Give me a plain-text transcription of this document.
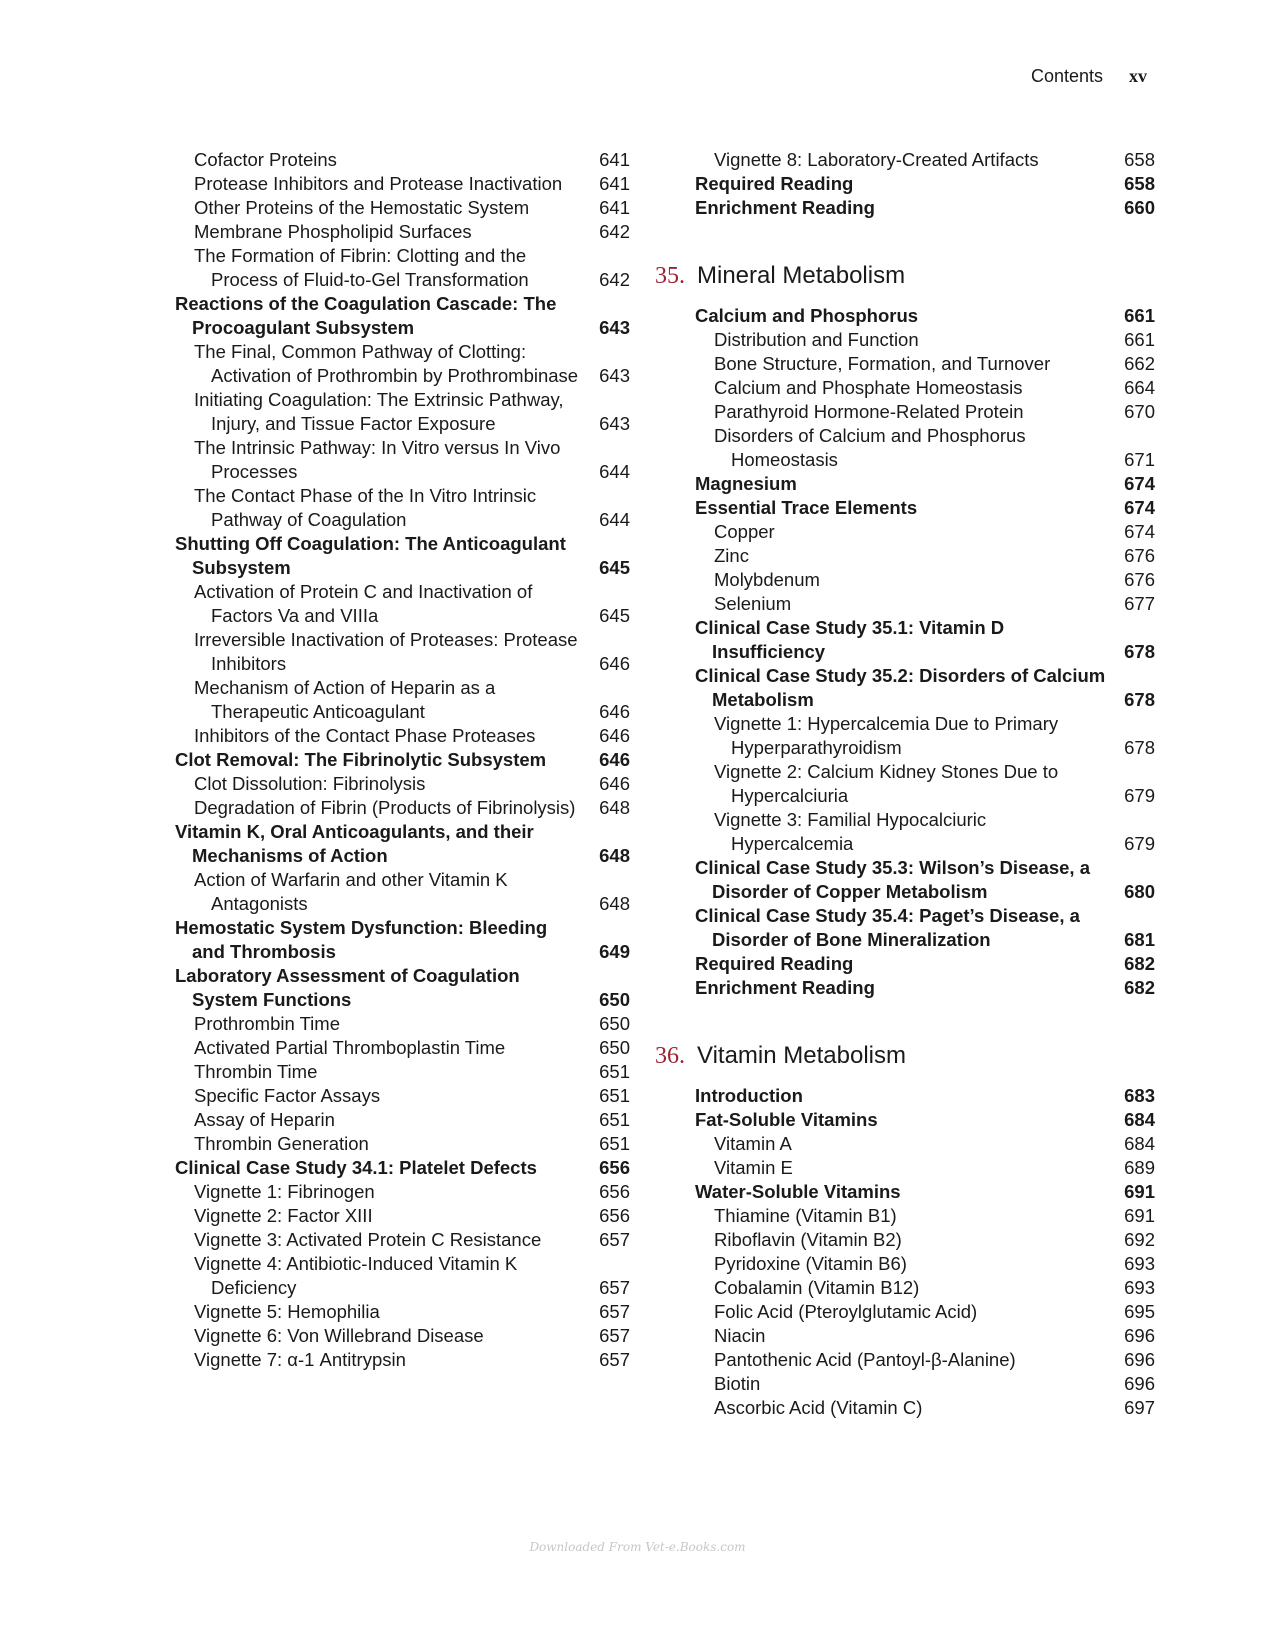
Contents xv
Cofactor Proteins	641
Protease Inhibitors and Protease Inactivation 641
Other Proteins of the Hemostatic System	641
Membrane Phospholipid Surfaces	642
The Formation of Fibrin: Clotting and the Process of Fluid-to-Gel Transformation	642
Reactions of the Coagulation Cascade: The Procoagulant Subsystem	643
The Final, Common Pathway of Clotting: Activation of Prothrombin by Prothrombinase 643
Initiating Coagulation: The Extrinsic Pathway, Injury, and Tissue Factor Exposure	643
The Intrinsic Pathway: In Vitro versus In Vivo Processes	644
The Contact Phase of the In Vitro Intrinsic Pathway of Coagulation	644
Shutting Off Coagulation: The Anticoagulant Subsystem	645
Activation of Protein C and Inactivation of Factors Va and VIIIa	645
Irreversible Inactivation of Proteases: Protease Inhibitors	646
Mechanism of Action of Heparin as a Therapeutic Anticoagulant	646
Inhibitors of the Contact Phase Proteases	646
Clot Removal: The Fibrinolytic Subsystem	646
Clot Dissolution: Fibrinolysis	646
Degradation of Fibrin (Products of Fibrinolysis) 648
Vitamin K, Oral Anticoagulants, and their Mechanisms of Action	648
Action of Warfarin and other Vitamin K Antagonists	648
Hemostatic System Dysfunction: Bleeding and Thrombosis	649
Laboratory Assessment of Coagulation System Functions	650
Prothrombin Time	650
Activated Partial Thromboplastin Time	650
Thrombin Time	651
Specific Factor Assays	651
Assay of Heparin	651
Thrombin Generation	651
Clinical Case Study 34.1: Platelet Defects	656
Vignette 1: Fibrinogen	656
Vignette 2: Factor XIII	656
Vignette 3: Activated Protein C Resistance	657
Vignette 4: Antibiotic-Induced Vitamin K Deficiency	657
Vignette 5: Hemophilia	657
Vignette 6: Von Willebrand Disease	657
Vignette 7: α-1 Antitrypsin	657
Vignette 8: Laboratory-Created Artifacts	658
Required Reading	658
Enrichment Reading	660
35. Mineral Metabolism
Calcium and Phosphorus	661
Distribution and Function	661
Bone Structure, Formation, and Turnover	662
Calcium and Phosphate Homeostasis	664
Parathyroid Hormone-Related Protein	670
Disorders of Calcium and Phosphorus Homeostasis	671
Magnesium	674
Essential Trace Elements	674
Copper	674
Zinc	676
Molybdenum	676
Selenium	677
Clinical Case Study 35.1: Vitamin D Insufficiency	678
Clinical Case Study 35.2: Disorders of Calcium Metabolism	678
Vignette 1: Hypercalcemia Due to Primary Hyperparathyroidism	678
Vignette 2: Calcium Kidney Stones Due to Hypercalciuria	679
Vignette 3: Familial Hypocalciuric Hypercalcemia	679
Clinical Case Study 35.3: Wilson’s Disease, a Disorder of Copper Metabolism	680
Clinical Case Study 35.4: Paget’s Disease, a Disorder of Bone Mineralization	681
Required Reading	682
Enrichment Reading	682
36. Vitamin Metabolism
Introduction	683
Fat-Soluble Vitamins	684
Vitamin A	684
Vitamin E	689
Water-Soluble Vitamins	691
Thiamine (Vitamin B1)	691
Riboflavin (Vitamin B2)	692
Pyridoxine (Vitamin B6)	693
Cobalamin (Vitamin B12)	693
Folic Acid (Pteroylglutamic Acid)	695
Niacin	696
Pantothenic Acid (Pantoyl-β-Alanine)	696
Biotin	696
Ascorbic Acid (Vitamin C)	697
Downloaded From Vet-e.Books.com
